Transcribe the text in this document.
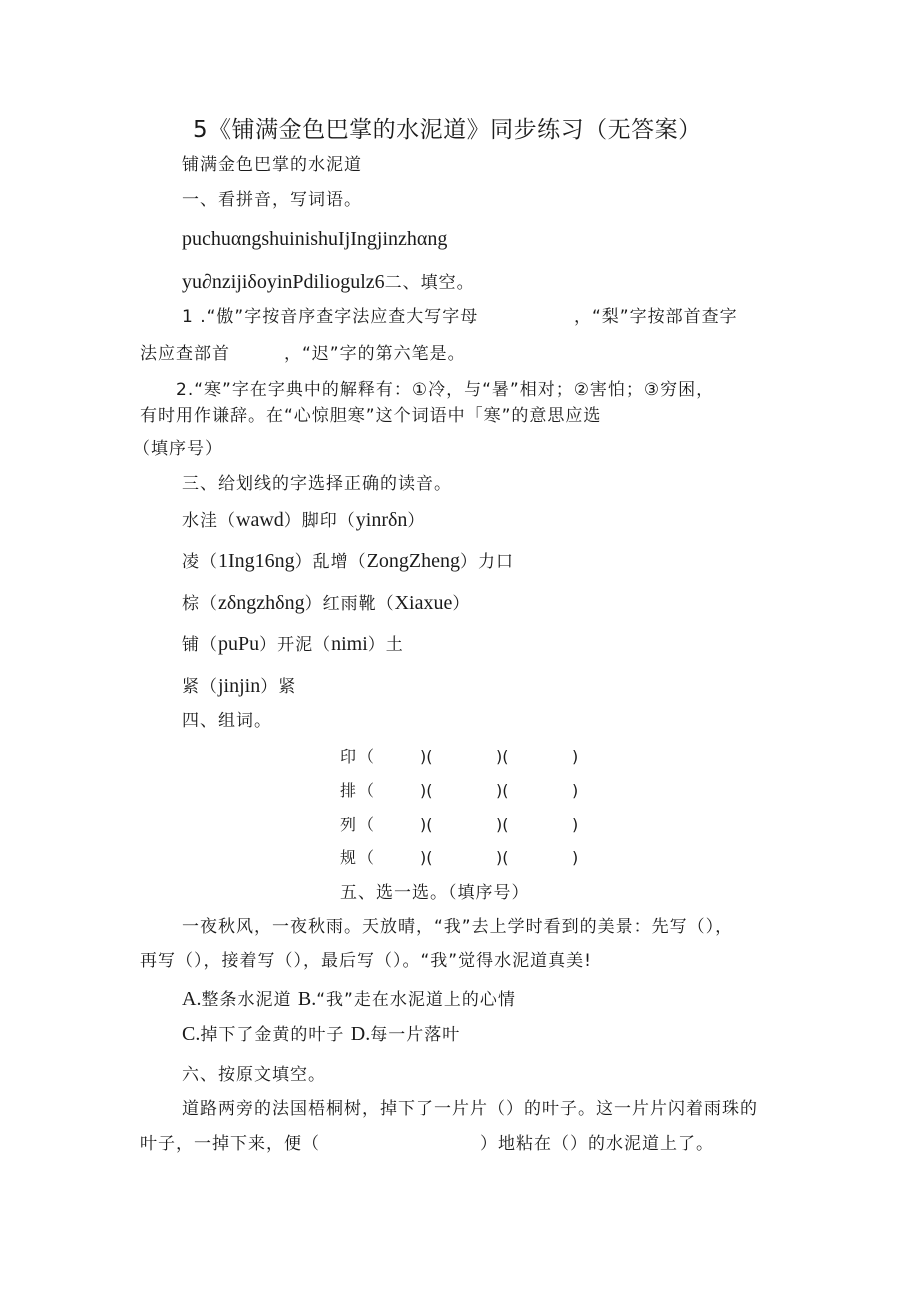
5《铺满金色巴掌的水泥道》同步练习（无答案）
铺满金色巴掌的水泥道
一、看拼音，写词语。
puchuαngshuinishuIjIngjinzhαng
yu∂nzijiδoyinPdiliogulz6二、填空。
1 .“傲”字按音序查字法应查大写字母	，“梨”字按部首查字
法应查部首　　　，“迟”字的第六笔是。
2.“寒”字在字典中的解释有：①冷，与“暑”相对；②害怕；③穷困，
有时用作谦辞。在“心惊胆寒”这个词语中「寒”的意思应选
（填序号）
三、给划线的字选择正确的读音。
水洼（wawd）脚印（yinrδn）
凌（1Ing16ng）乱增（ZongZheng）力口
棕（zδngzhδng）红雨靴（Xiaxue）
铺（puPu）开泥（nimi）土
紧（jinjin）紧
四、组词。
印 （	)(	)(	)
排 （	)(	)(	)
列 （	)(	)(	)
规 （	)(	)(	)
五、选一选。（填序号）
一夜秋风，一夜秋雨。天放晴，“我”去上学时看到的美景：先写（），
再写（），接着写（），最后写（）。“我”觉得水泥道真美!
A.整条水泥道 B.“我”走在水泥道上的心情
C.掉下了金黄的叶子 D.每一片落叶
六、按原文填空。
道路两旁的法国梧桐树，掉下了一片片（）的叶子。这一片片闪着雨珠的
叶子，一掉下来，便（	）地粘在（）的水泥道上了。
